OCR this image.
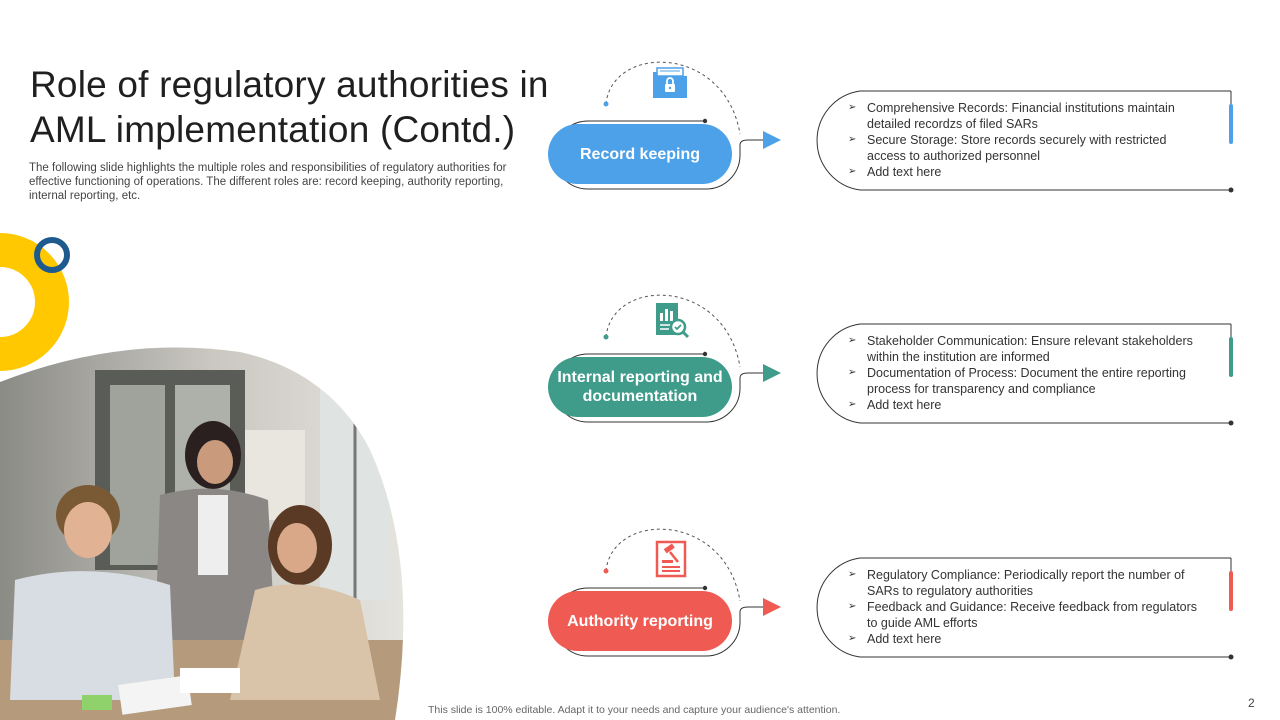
Role of regulatory authorities in
AML implementation (Contd.)
The following slide highlights the multiple roles and responsibilities of regulatory authorities for effective functioning of operations. The different roles are: record keeping, authority reporting, internal reporting, etc.
Record keeping
➢ Comprehensive Records: Financial institutions maintain detailed recordzs of filed SARs
➢ Secure Storage: Store records securely with restricted access to authorized personnel
➢ Add text here
Internal reporting and documentation
➢ Stakeholder Communication: Ensure relevant stakeholders within the institution are informed
➢ Documentation of Process: Document the entire reporting process for transparency and compliance
➢ Add text here
Authority reporting
➢ Regulatory Compliance: Periodically report the number of SARs to regulatory authorities
➢ Feedback and Guidance: Receive feedback from regulators to guide AML efforts
➢ Add text here
This slide is 100% editable. Adapt it to your needs and capture your audience's attention.	2
